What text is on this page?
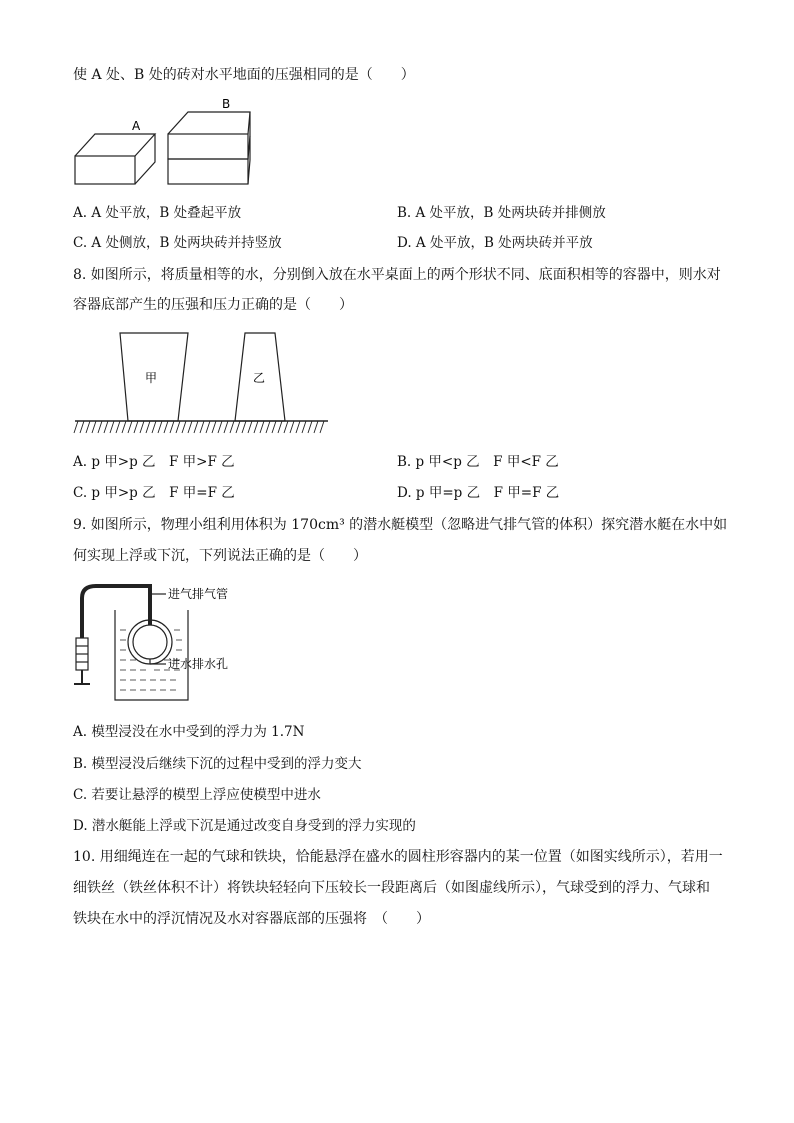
使 A 处、B 处的砖对水平地面的压强相同的是（　　）
A
B
A. A 处平放，B 处叠起平放	B. A 处平放，B 处两块砖并排侧放
C. A 处侧放，B 处两块砖并持竖放	D. A 处平放，B 处两块砖并平放
8. 如图所示，将质量相等的水，分别倒入放在水平桌面上的两个形状不同、底面积相等的容器中，则水对
容器底部产生的压强和压力正确的是（　　）
甲	乙
A. p 甲>p 乙　F 甲>F 乙	B. p 甲<p 乙　F 甲<F 乙
C. p 甲>p 乙　F 甲=F 乙	D. p 甲=p 乙　F 甲=F 乙
9. 如图所示，物理小组利用体积为 170cm³ 的潜水艇模型（忽略进气排气管的体积）探究潜水艇在水中如
何实现上浮或下沉，下列说法正确的是（　　）
进气排气管
进水排水孔
A. 模型浸没在水中受到的浮力为 1.7N
B. 模型浸没后继续下沉的过程中受到的浮力变大
C. 若要让悬浮的模型上浮应使模型中进水
D. 潜水艇能上浮或下沉是通过改变自身受到的浮力实现的
10. 用细绳连在一起的气球和铁块，恰能悬浮在盛水的圆柱形容器内的某一位置（如图实线所示），若用一
细铁丝（铁丝体积不计）将铁块轻轻向下压较长一段距离后（如图虚线所示），气球受到的浮力、气球和
铁块在水中的浮沉情况及水对容器底部的压强将　（　　）
